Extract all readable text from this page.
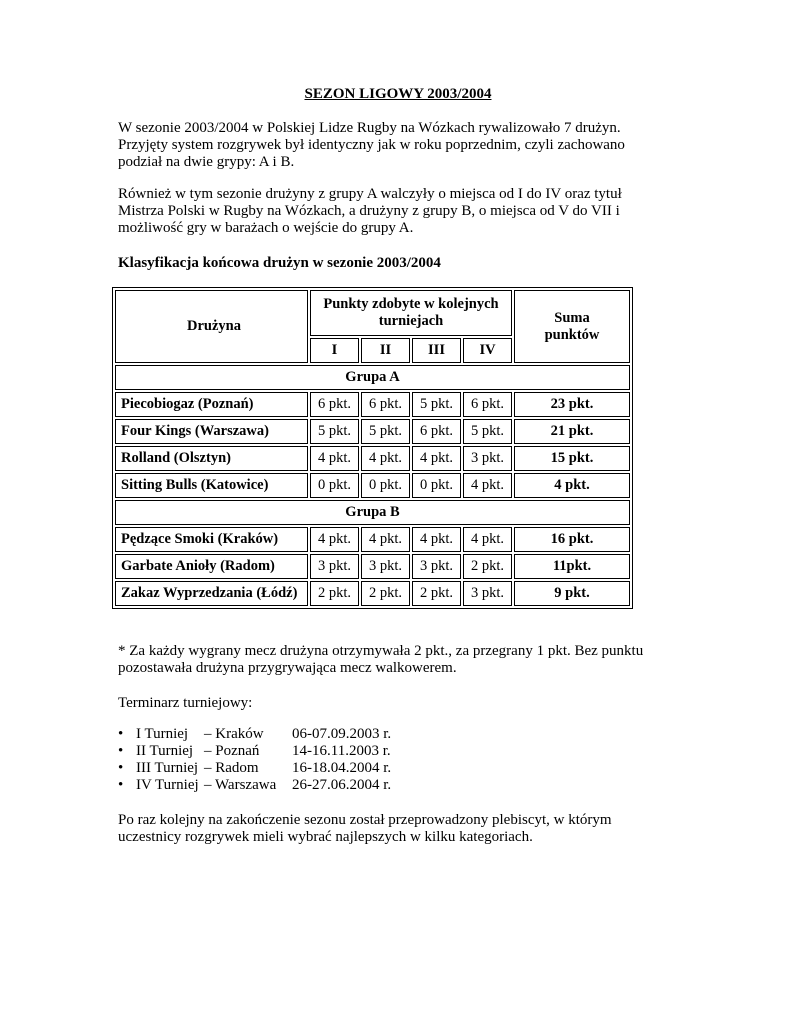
SEZON LIGOWY 2003/2004

W sezonie 2003/2004 w Polskiej Lidze Rugby na Wózkach rywalizowało 7 drużyn. Przyjęty system rozgrywek był identyczny jak w roku poprzednim, czyli zachowano podział na dwie grypy: A i B.

Również w tym sezonie drużyny z grupy A walczyły o miejsca od I do IV oraz tytuł Mistrza Polski w Rugby na Wózkach, a drużyny z grupy B, o miejsca od V do VII i możliwość gry w barażach o wejście do grupy A.

Klasyfikacja końcowa drużyn w sezonie 2003/2004
Drużyna	Punkty zdobyte w kolejnych turniejach				Suma punktów
	I	II	III	IV	
Grupa A					
Piecobiogaz (Poznań)	6 pkt.	6 pkt.	5 pkt.	6 pkt.	23 pkt.
Four Kings (Warszawa)	5 pkt.	5 pkt.	6 pkt.	5 pkt.	21 pkt.
Rolland (Olsztyn)	4 pkt.	4 pkt.	4 pkt.	3 pkt.	15 pkt.
Sitting Bulls (Katowice)	0 pkt.	0 pkt.	0 pkt.	4 pkt.	4 pkt.
Grupa B					
Pędzące Smoki (Kraków)	4 pkt.	4 pkt.	4 pkt.	4 pkt.	16 pkt.
Garbate Anioły (Radom)	3 pkt.	3 pkt.	3 pkt.	2 pkt.	11pkt.
Zakaz Wyprzedzania (Łódź)	2 pkt.	2 pkt.	2 pkt.	3 pkt.	9 pkt.

* Za każdy wygrany mecz drużyna otrzymywała 2 pkt., za przegrany 1 pkt. Bez punktu pozostawała drużyna przygrywająca mecz walkowerem.

Terminarz turniejowy:
• I Turniej – Kraków 06-07.09.2003 r.
• II Turniej – Poznań 14-16.11.2003 r.
• III Turniej – Radom 16-18.04.2004 r.
• IV Turniej – Warszawa 26-27.06.2004 r.

Po raz kolejny na zakończenie sezonu został przeprowadzony plebiscyt, w którym uczestnicy rozgrywek mieli wybrać najlepszych w kilku kategoriach.
